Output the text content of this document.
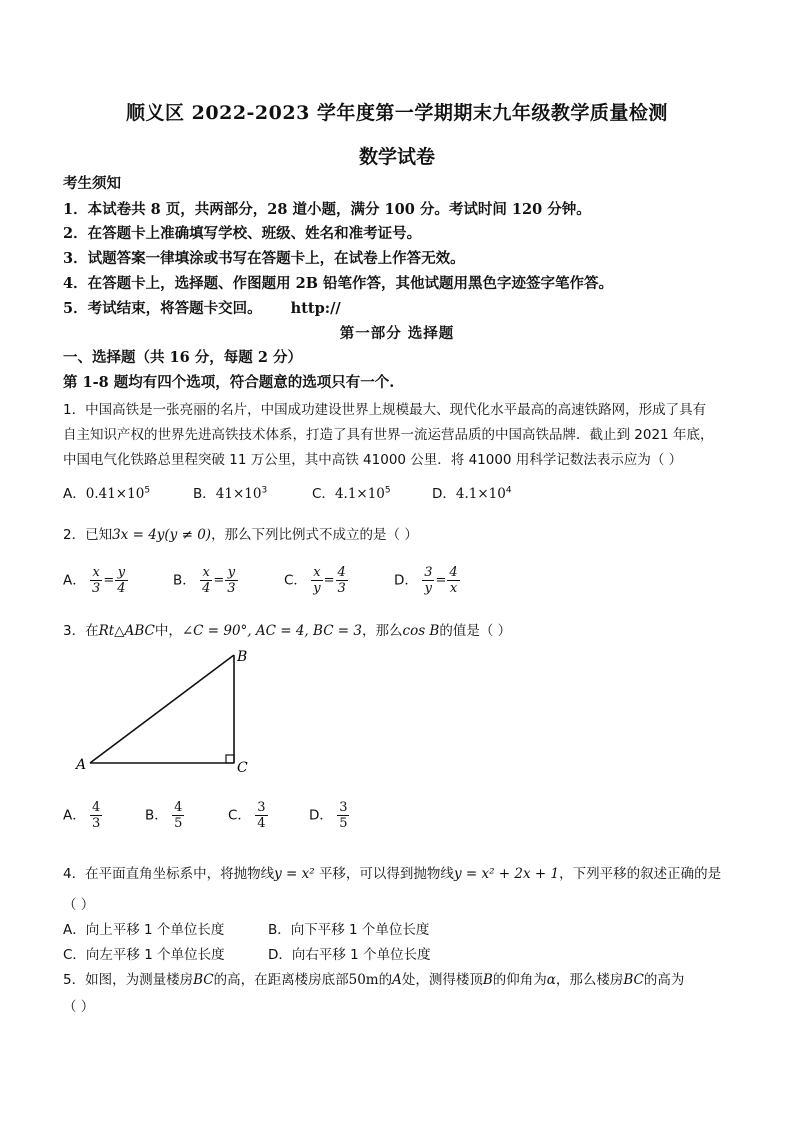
顺义区 2022-2023 学年度第一学期期末九年级教学质量检测
数学试卷
考生须知
1．本试卷共 8 页，共两部分，28 道小题，满分 100 分。考试时间 120 分钟。
2．在答题卡上准确填写学校、班级、姓名和准考证号。
3．试题答案一律填涂或书写在答题卡上，在试卷上作答无效。
4．在答题卡上，选择题、作图题用 2B 铅笔作答，其他试题用黑色字迹签字笔作答。
5．考试结束，将答题卡交回。 http://
第一部分 选择题
一、选择题（共 16 分，每题 2 分）
第 1-8 题均有四个选项，符合题意的选项只有一个.
1．中国高铁是一张亮丽的名片，中国成功建设世界上规模最大、现代化水平最高的高速铁路网，形成了具有
自主知识产权的世界先进高铁技术体系，打造了具有世界一流运营品质的中国高铁品牌．截止到 2021 年底，
中国电气化铁路总里程突破 11 万公里，其中高铁 41000 公里．将 41000 用科学记数法表示应为（ ）
A．$0.41\times 10^5$	B．$41\times 10^3$	C．$4.1\times 10^5$	D．$4.1\times 10^4$
2．已知3x = 4y(y ≠ 0)，那么下列比例式不成立的是（ ）
A． $\frac{x}{3} = \frac{y}{4}$	B． $\frac{x}{4} = \frac{y}{3}$	C． $\frac{x}{y} = \frac{4}{3}$	D． $\frac{3}{y} = \frac{4}{x}$
3．在Rt△ABC中，∠C = 90°, AC = 4, BC = 3，那么cos B的值是（ ）
A
B
C
A． $\frac{4}{3}$	B． $\frac{4}{5}$	C． $\frac{3}{4}$	D． $\frac{3}{5}$
4．在平面直角坐标系中，将抛物线y = x² 平移，可以得到抛物线y = x² + 2x + 1，下列平移的叙述正确的是
（ ）
A．向上平移 1 个单位长度	B．向下平移 1 个单位长度
C．向左平移 1 个单位长度	D．向右平移 1 个单位长度
5．如图，为测量楼房BC的高，在距离楼房底部50m的A处，测得楼顶B的仰角为α，那么楼房BC的高为
（ ）
